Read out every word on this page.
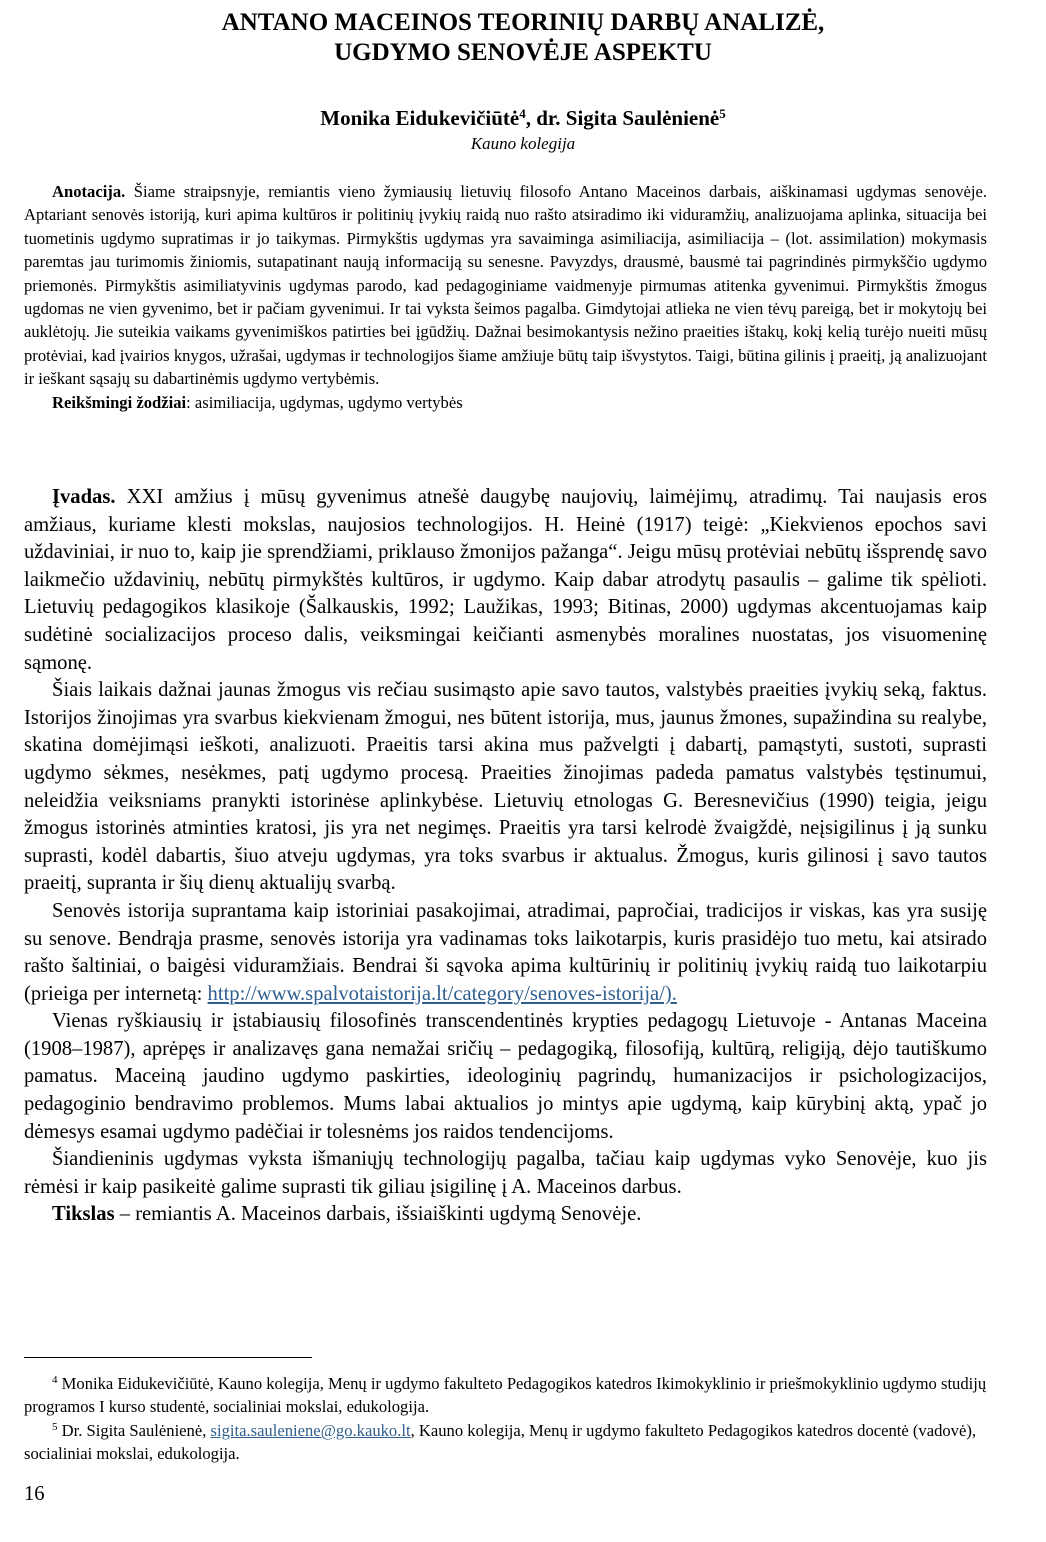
ANTANO MACEINOS TEORINIŲ DARBŲ ANALIZĖ,
UGDYMO SENOVĖJE ASPEKTU
Monika Eidukevičiūtė$^4$, dr. Sigita Saulėnienė$^5$
Kauno kolegija

Anotacija. Šiame straipsnyje, remiantis vieno žymiausių lietuvių filosofo Antano Maceinos darbais, aiškinamasi ugdymas senovėje. Aptariant senovės istoriją, kuri apima kultūros ir politinių įvykių raidą nuo rašto atsiradimo iki viduramžių, analizuojama aplinka, situacija bei tuometinis ugdymo supratimas ir jo taikymas. Pirmykštis ugdymas yra savaiminga asimiliacija, asimiliacija – (lot. assimilation) mokymasis paremtas jau turimomis žiniomis, sutapatinant naują informaciją su senesne. Pavyzdys, drausmė, bausmė tai pagrindinės pirmykščio ugdymo priemonės. Pirmykštis asimiliatyvinis ugdymas parodo, kad pedagoginiame vaidmenyje pirmumas atitenka gyvenimui. Pirmykštis žmogus ugdomas ne vien gyvenimo, bet ir pačiam gyvenimui. Ir tai vyksta šeimos pagalba. Gimdytojai atlieka ne vien tėvų pareigą, bet ir mokytojų bei auklėtojų. Jie suteikia vaikams gyvenimiškos patirties bei įgūdžių. Dažnai besimokantysis nežino praeities ištakų, kokį kelią turėjo nueiti mūsų protėviai, kad įvairios knygos, užrašai, ugdymas ir technologijos šiame amžiuje būtų taip išvystytos. Taigi, būtina gilinis į praeitį, ją analizuojant ir ieškant sąsajų su dabartinėmis ugdymo vertybėmis.

Reikšmingi žodžiai: asimiliacija, ugdymas, ugdymo vertybės

Įvadas. XXI amžius į mūsų gyvenimus atnešė daugybę naujovių, laimėjimų, atradimų. Tai naujasis eros amžiaus, kuriame klesti mokslas, naujosios technologijos. H. Heinė (1917) teigė: „Kiekvienos epochos savi uždaviniai, ir nuo to, kaip jie sprendžiami, priklauso žmonijos pažanga“. Jeigu mūsų protėviai nebūtų išsprendę savo laikmečio uždavinių, nebūtų pirmykštės kultūros, ir ugdymo. Kaip dabar atrodytų pasaulis – galime tik spėlioti. Lietuvių pedagogikos klasikoje (Šalkauskis, 1992; Laužikas, 1993; Bitinas, 2000) ugdymas akcentuojamas kaip sudėtinė socializacijos proceso dalis, veiksmingai keičianti asmenybės moralines nuostatas, jos visuomeninę sąmonę.

Šiais laikais dažnai jaunas žmogus vis rečiau susimąsto apie savo tautos, valstybės praeities įvykių seką, faktus. Istorijos žinojimas yra svarbus kiekvienam žmogui, nes būtent istorija, mus, jaunus žmones, supažindina su realybe, skatina domėjimąsi ieškoti, analizuoti. Praeitis tarsi akina mus pažvelgti į dabartį, pamąstyti, sustoti, suprasti ugdymo sėkmes, nesėkmes, patį ugdymo procesą. Praeities žinojimas padeda pamatus valstybės tęstinumui, neleidžia veiksniams pranykti istorinėse aplinkybėse. Lietuvių etnologas G. Beresnevičius (1990) teigia, jeigu žmogus istorinės atminties kratosi, jis yra net negimęs. Praeitis yra tarsi kelrodė žvaigždė, neįsigilinus į ją sunku suprasti, kodėl dabartis, šiuo atveju ugdymas, yra toks svarbus ir aktualus. Žmogus, kuris gilinosi į savo tautos praeitį, supranta ir šių dienų aktualijų svarbą.

Senovės istorija suprantama kaip istoriniai pasakojimai, atradimai, papročiai, tradicijos ir viskas, kas yra susiję su senove. Bendrąja prasme, senovės istorija yra vadinamas toks laikotarpis, kuris prasidėjo tuo metu, kai atsirado rašto šaltiniai, o baigėsi viduramžiais. Bendrai ši sąvoka apima kultūrinių ir politinių įvykių raidą tuo laikotarpiu (prieiga per internetą: http://www.spalvotaistorija.lt/category/senoves-istorija/).

Vienas ryškiausių ir įstabiausių filosofinės transcendentinės krypties pedagogų Lietuvoje - Antanas Maceina (1908–1987), aprėpęs ir analizavęs gana nemažai sričių – pedagogiką, filosofiją, kultūrą, religiją, dėjo tautiškumo pamatus. Maceiną jaudino ugdymo paskirties, ideologinių pagrindų, humanizacijos ir psichologizacijos, pedagoginio bendravimo problemos. Mums labai aktualios jo mintys apie ugdymą, kaip kūrybinį aktą, ypač jo dėmesys esamai ugdymo padėčiai ir tolesnėms jos raidos tendencijoms.

Šiandieninis ugdymas vyksta išmaniųjų technologijų pagalba, tačiau kaip ugdymas vyko Senovėje, kuo jis rėmėsi ir kaip pasikeitė galime suprasti tik giliau įsigilinę į A. Maceinos darbus.

Tikslas – remiantis A. Maceinos darbais, išsiaiškinti ugdymą Senovėje.

$^4$ Monika Eidukevičiūtė, Kauno kolegija, Menų ir ugdymo fakulteto Pedagogikos katedros Ikimokyklinio ir priešmokyklinio ugdymo studijų programos I kurso studentė, socialiniai mokslai, edukologija.

$^5$ Dr. Sigita Saulėnienė, sigita.sauleniene@go.kauko.lt, Kauno kolegija, Menų ir ugdymo fakulteto Pedagogikos katedros docentė (vadovė), socialiniai mokslai, edukologija.

16
